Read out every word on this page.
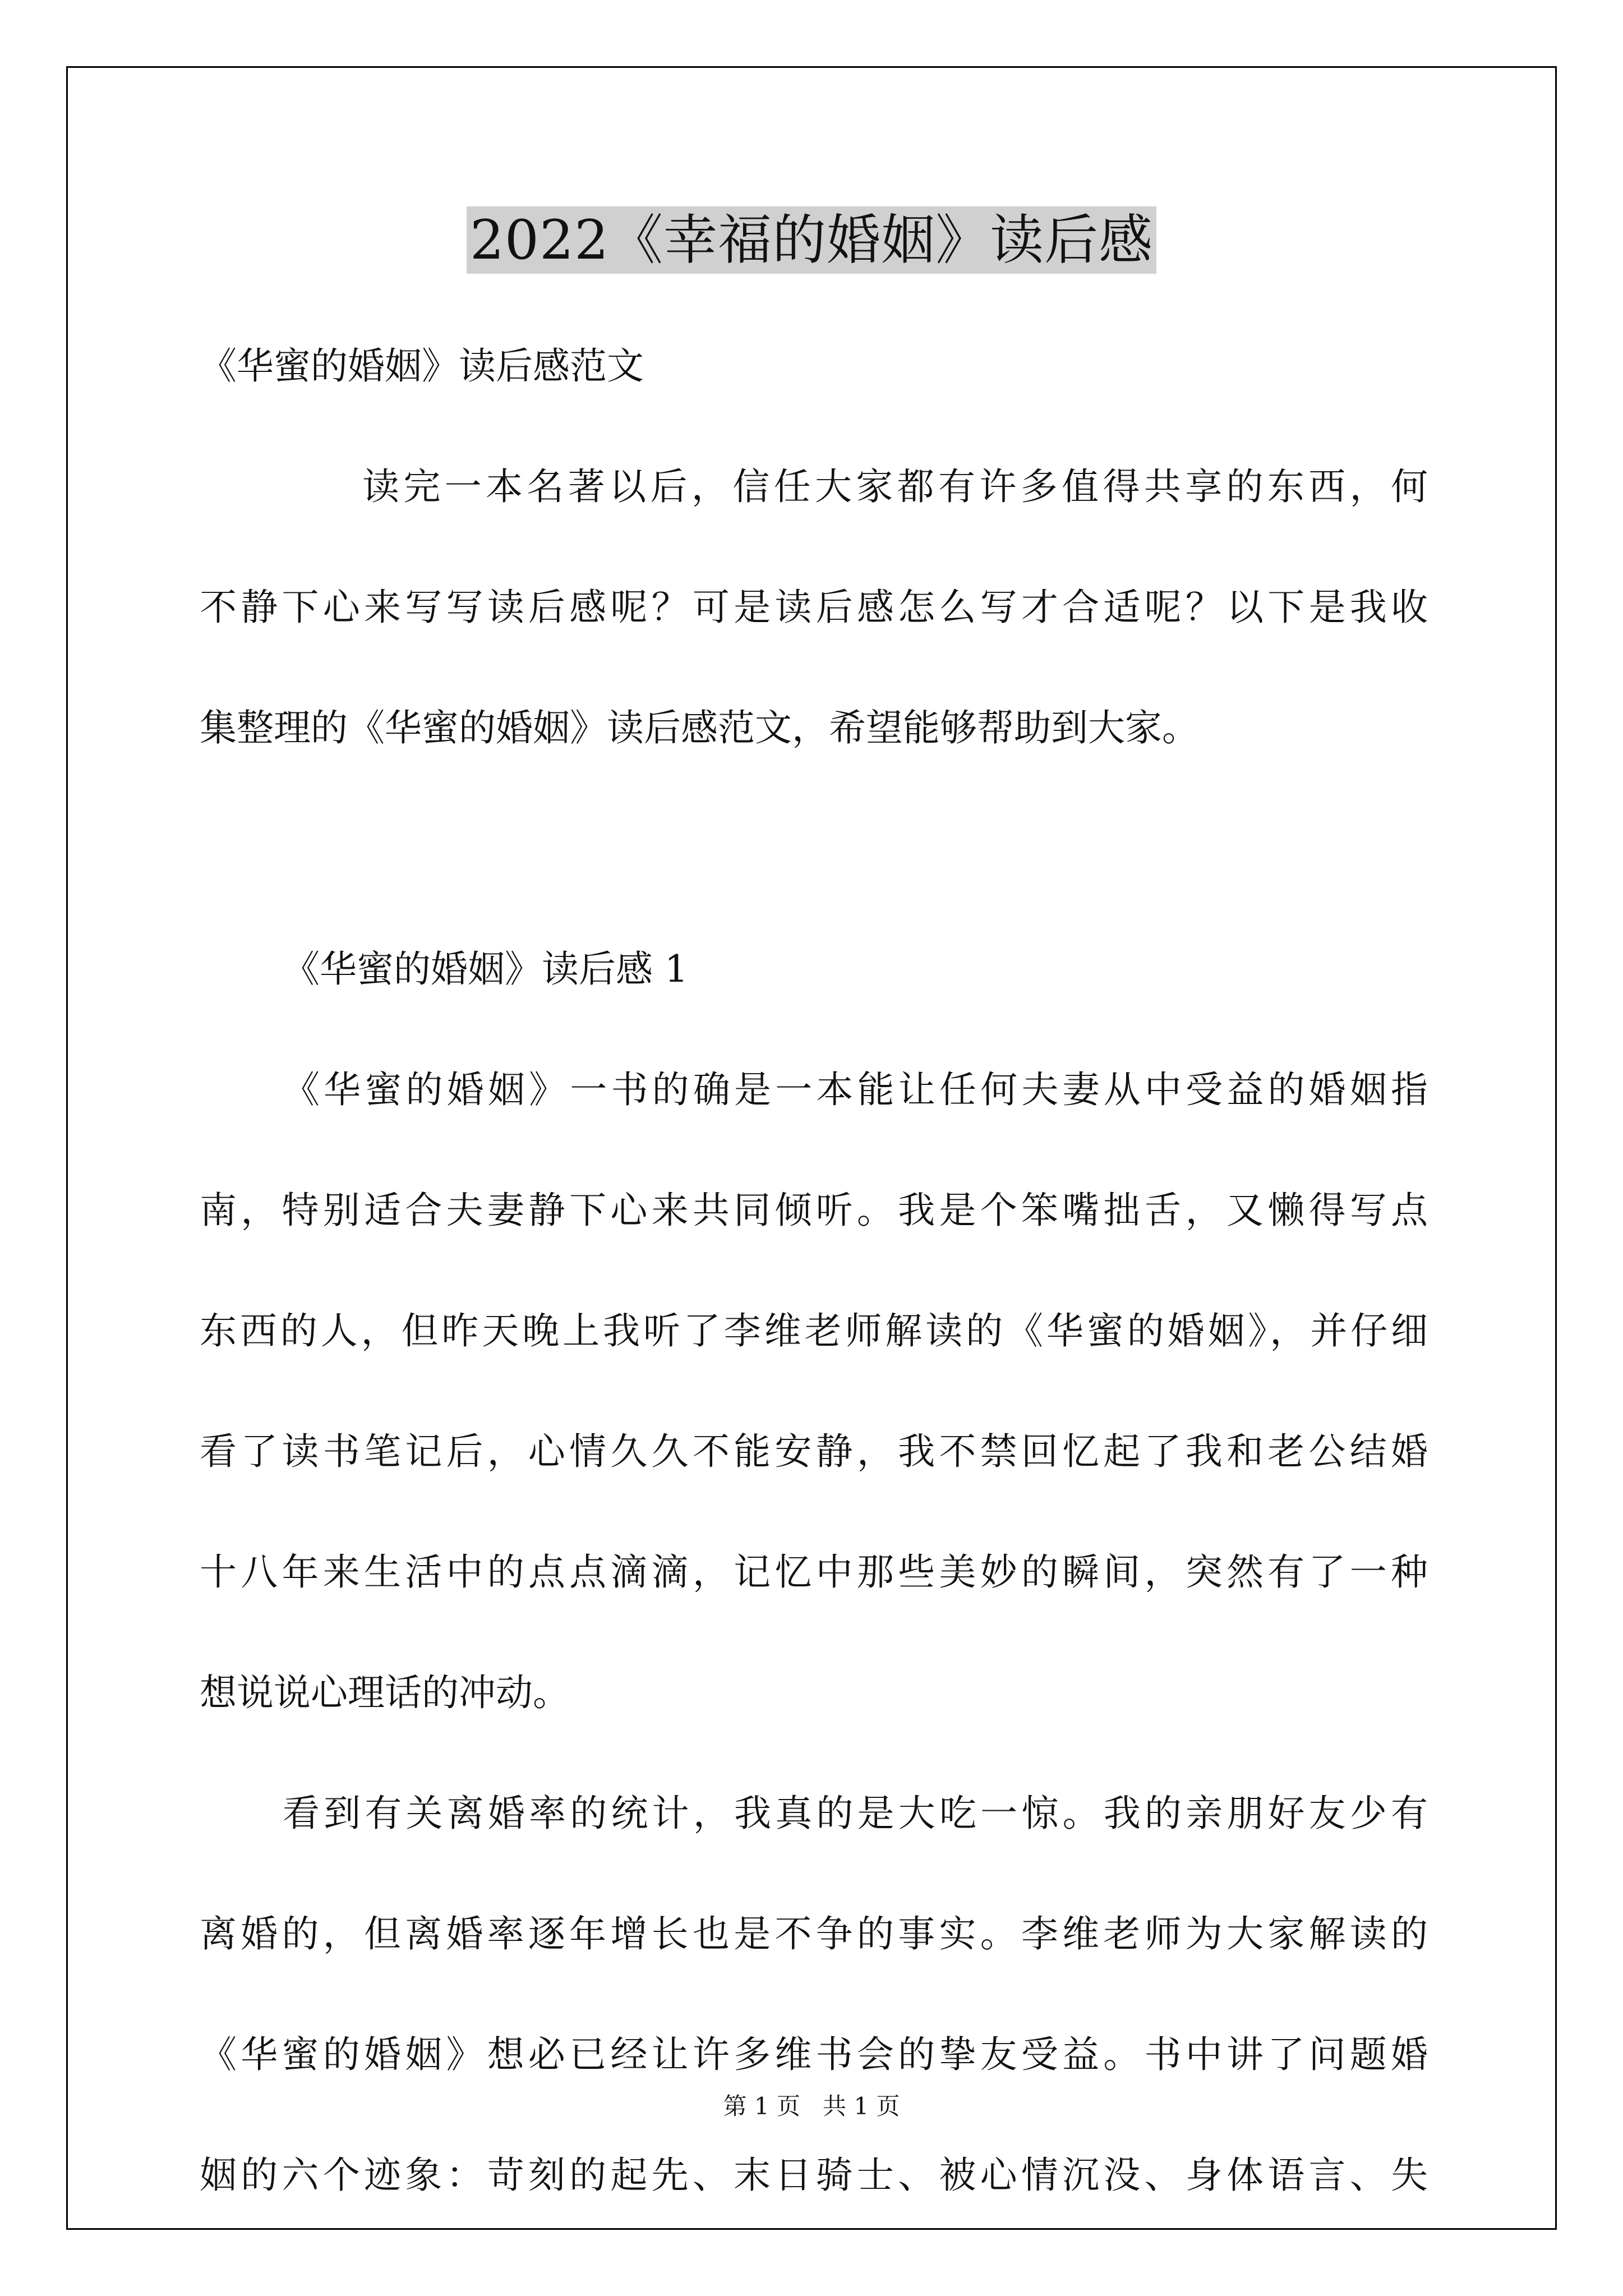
2022《幸福的婚姻》读后感
《华蜜的婚姻》读后感范文
读完一本名著以后，信任大家都有许多值得共享的东西，何
不静下心来写写读后感呢？可是读后感怎么写才合适呢？以下是我收
集整理的《华蜜的婚姻》读后感范文，希望能够帮助到大家。
《华蜜的婚姻》读后感 1
《华蜜的婚姻》一书的确是一本能让任何夫妻从中受益的婚姻指
南，特别适合夫妻静下心来共同倾听。我是个笨嘴拙舌，又懒得写点
东西的人，但昨天晚上我听了李维老师解读的《华蜜的婚姻》，并仔细
看了读书笔记后，心情久久不能安静，我不禁回忆起了我和老公结婚
十八年来生活中的点点滴滴，记忆中那些美妙的瞬间，突然有了一种
想说说心理话的冲动。
看到有关离婚率的统计，我真的是大吃一惊。我的亲朋好友少有
离婚的，但离婚率逐年增长也是不争的事实。李维老师为大家解读的
《华蜜的婚姻》想必已经让许多维书会的挚友受益。书中讲了问题婚
姻的六个迹象：苛刻的起先、末日骑士、被心情沉没、身体语言、失
第 1 页 共 1 页
